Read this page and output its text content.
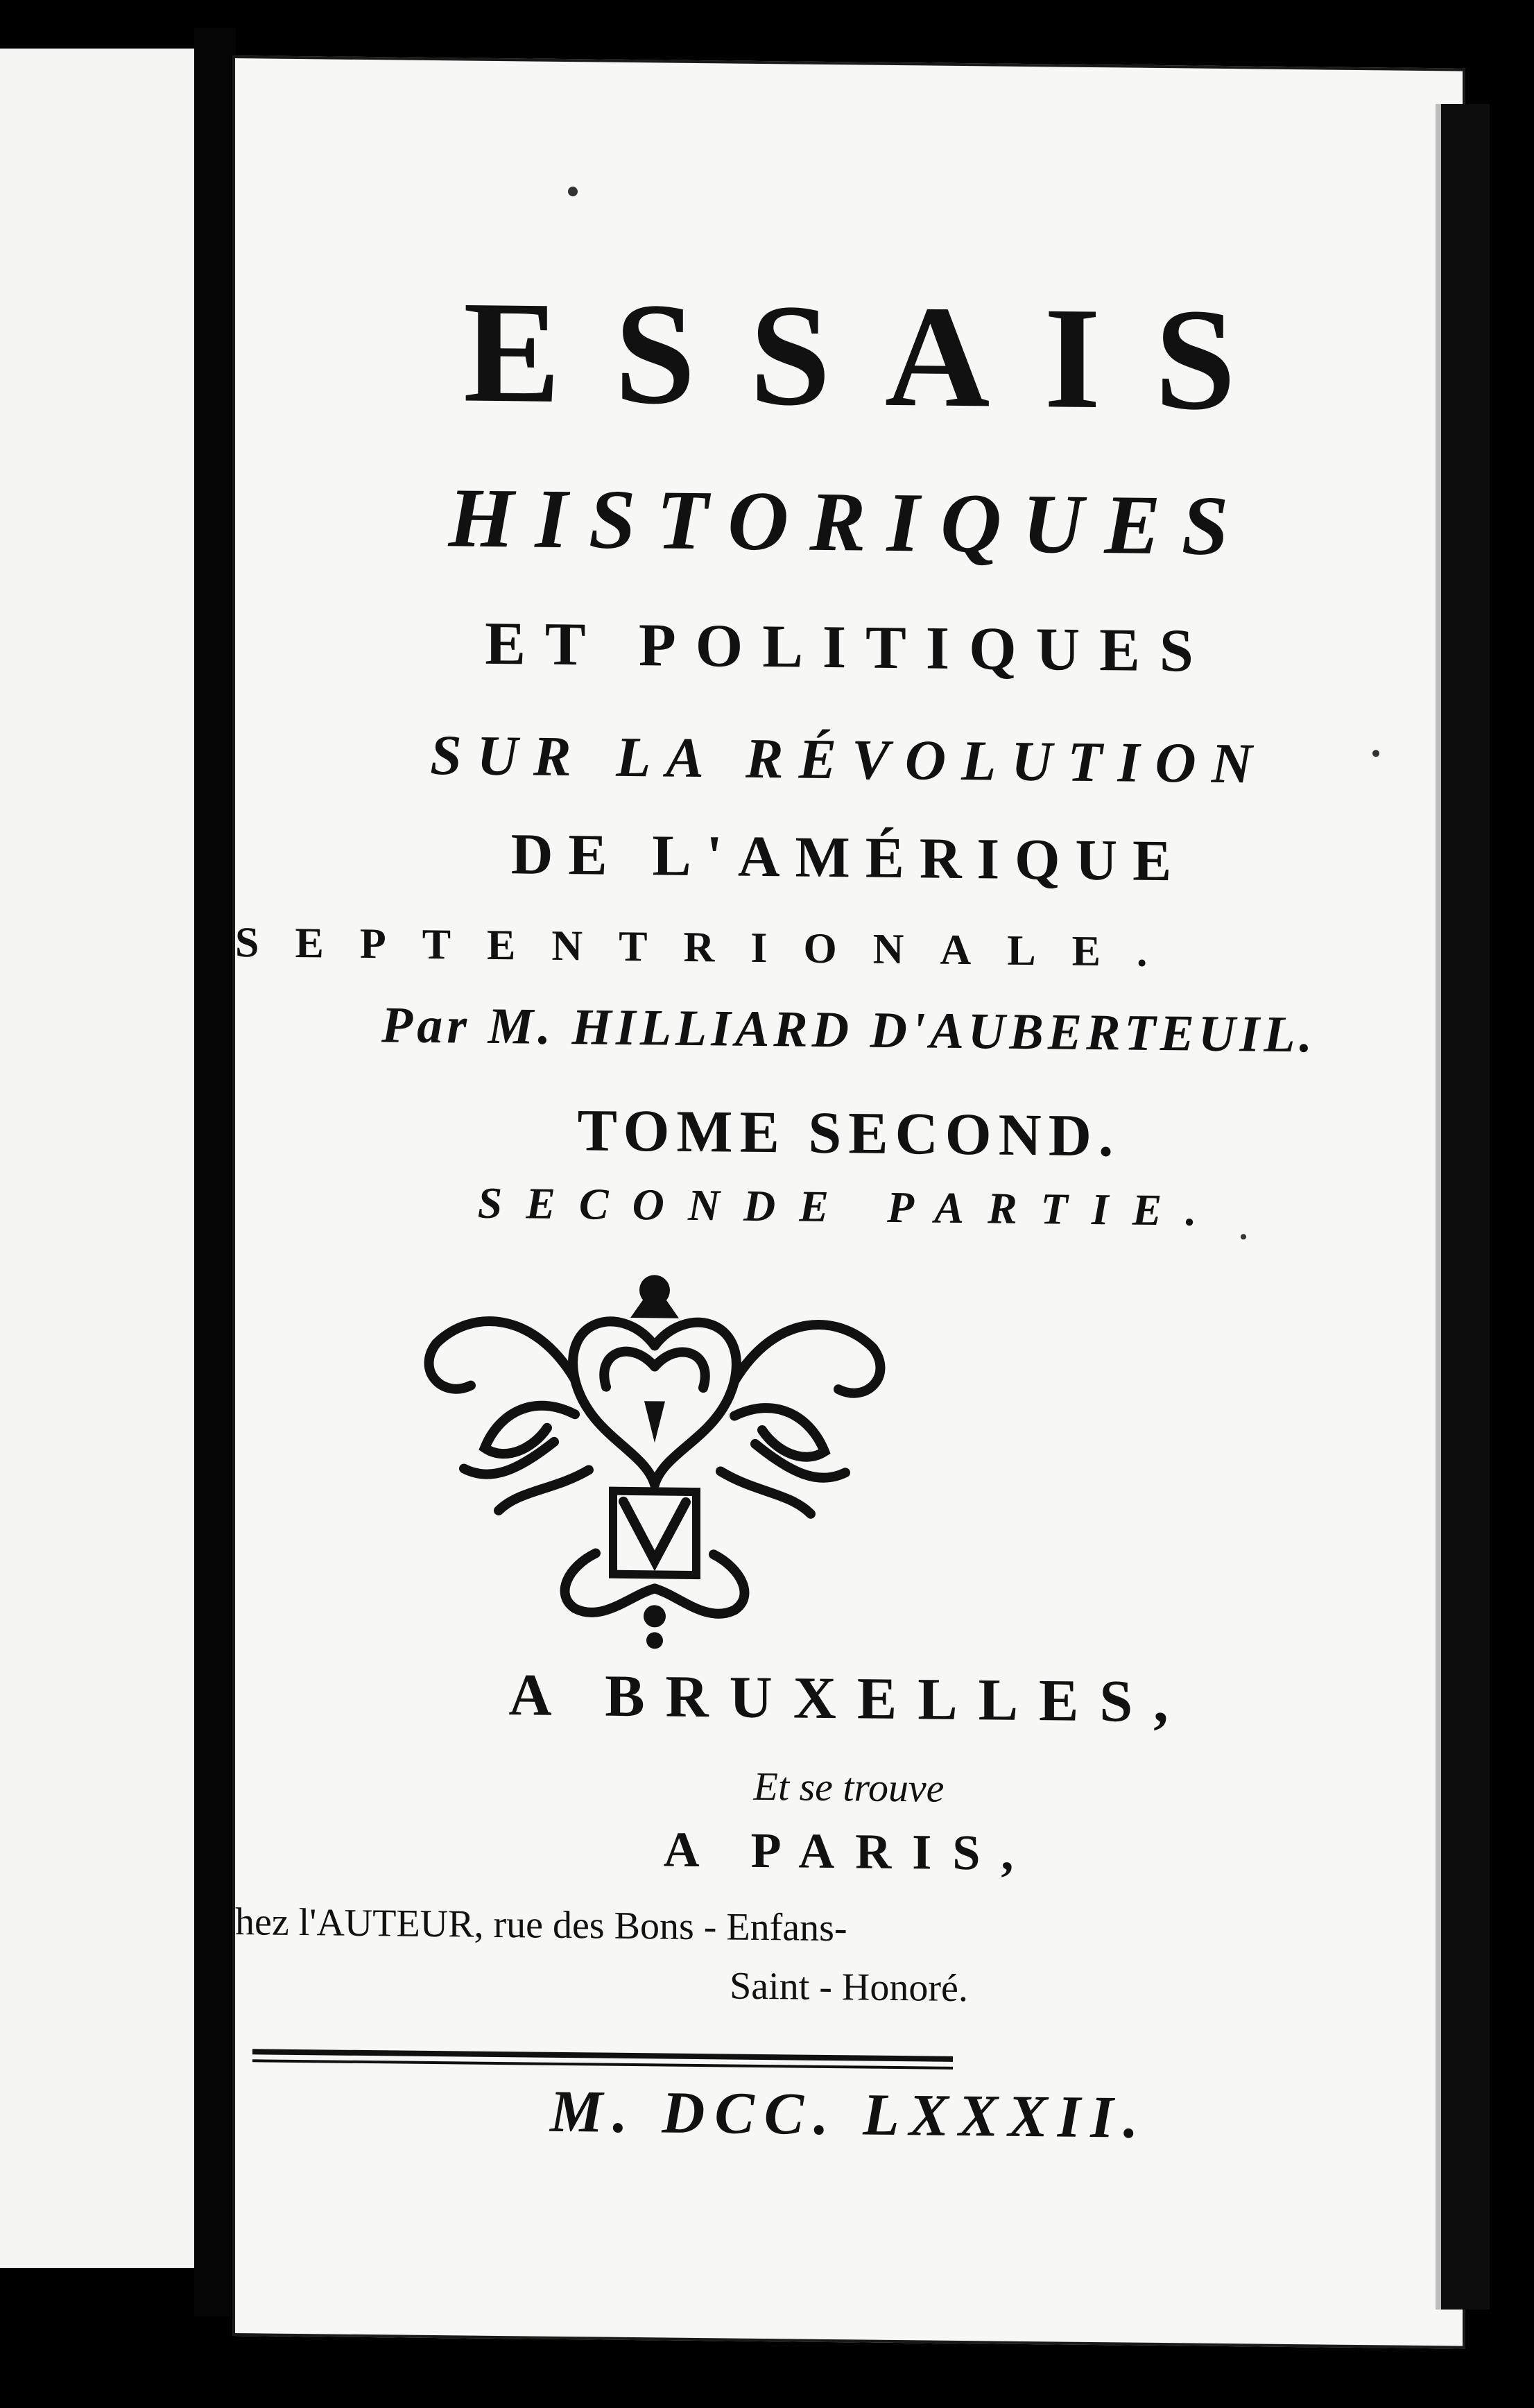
ESSAIS
HISTORIQUES
ET POLITIQUES
SUR LA RÉVOLUTION
DE L'AMÉRIQUE
SEPTENTRIONALE.
Par M. HILLIARD D'AUBERTEUIL.
TOME SECOND.
SECONDE PARTIE.
A BRUXELLES,
Et se trouve
A PARIS,
hez l'AUTEUR, rue des Bons - Enfans-
Saint - Honoré.
M. DCC. LXXXII.
